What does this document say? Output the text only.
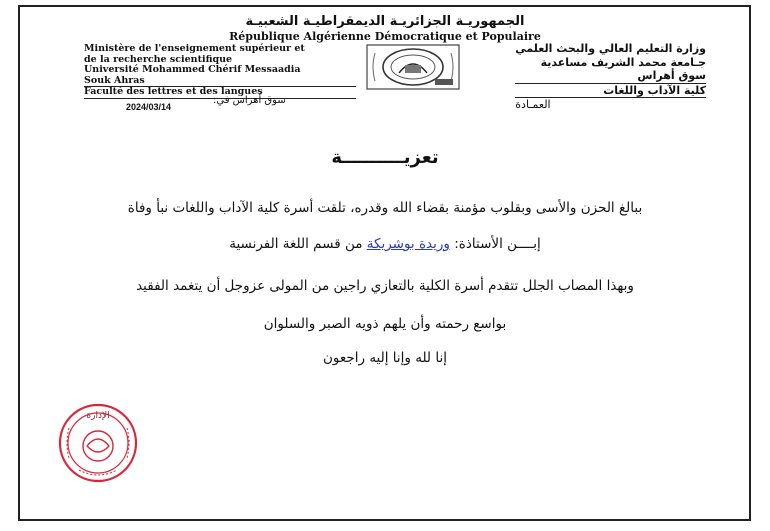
الجمهوريـة الجزائريـة الديمقراطيـة الشعبيـة
République Algérienne Démocratique et Populaire
Ministère de l'enseignement supérieur et
de la recherche scientifique
Université Mohammed Chérif Messaadia
Souk Ahras
Faculté des lettres et des langues
وزارة التعليم العالي والبحث العلمي
جـامعة محمد الشريف مساعدية
سوق أهراس
كلية الآداب واللغات
العمـادة
سوق أهراس في:
2024/03/14
تعزيــــــــــة
ببالغ الحزن والأسى وبقلوب مؤمنة بقضاء الله وقدره، تلقت أسرة كلية الآداب واللغات نبأ وفاة
إبــــن الأستاذة: وريدة بوشريكة من قسم اللغة الفرنسية
وبهذا المصاب الجلل تتقدم أسرة الكلية بالتعازي راجين من المولى عزوجل أن يتغمد الفقيد
بواسع رحمته وأن يلهم ذويه الصبر والسلوان
إنا لله وإنا إليه راجعون
الإدارة
